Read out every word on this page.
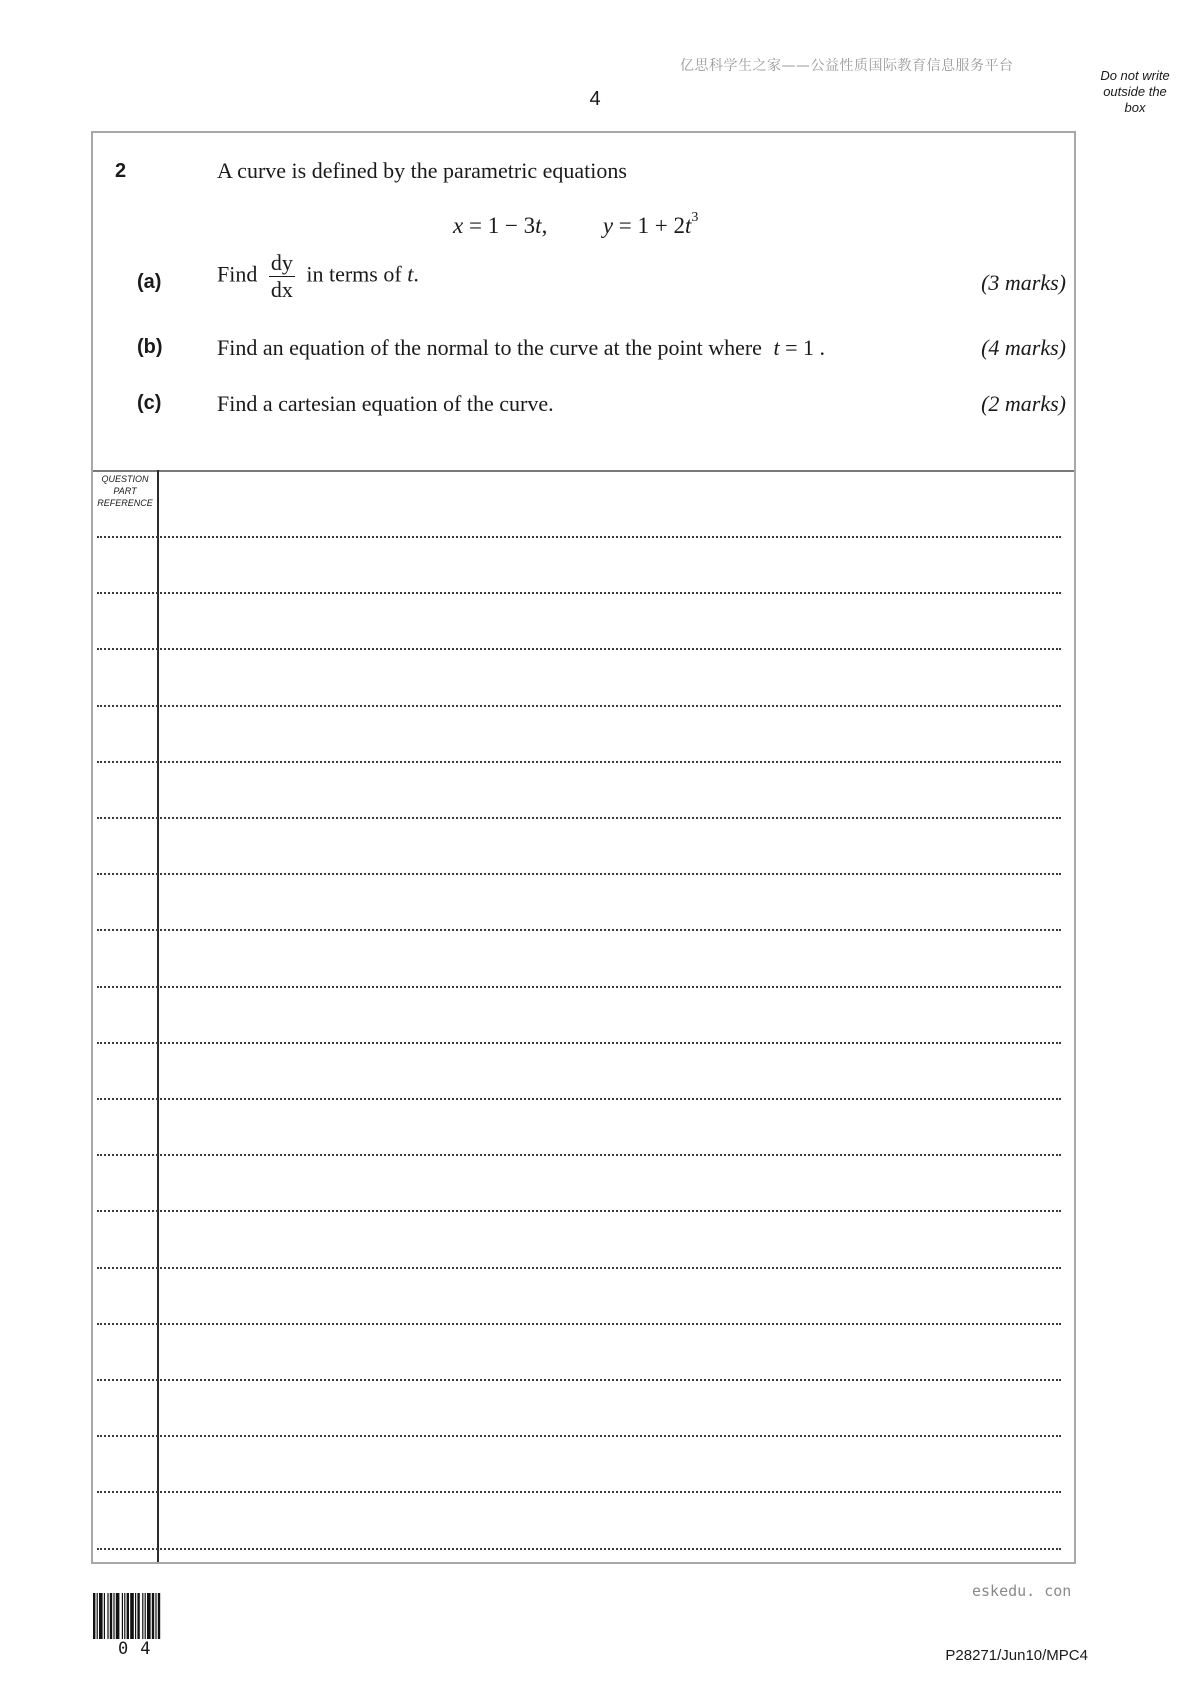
亿思科学生之家——公益性质国际教育信息服务平台
4
Do not write
outside the
box
2	A curve is defined by the parametric equations
x = 1 − 3t, $y = 1 + 2t^3$
(a)	Find $\frac{dy}{dx}$ in terms of t.	(3 marks)
(b) Find an equation of the normal to the curve at the point where t = 1 .	(4 marks)
(c)	Find a cartesian equation of the curve.	(2 marks)
QUESTION
PART
REFERENCE
eskedu. con
04	P28271/Jun10/MPC4
